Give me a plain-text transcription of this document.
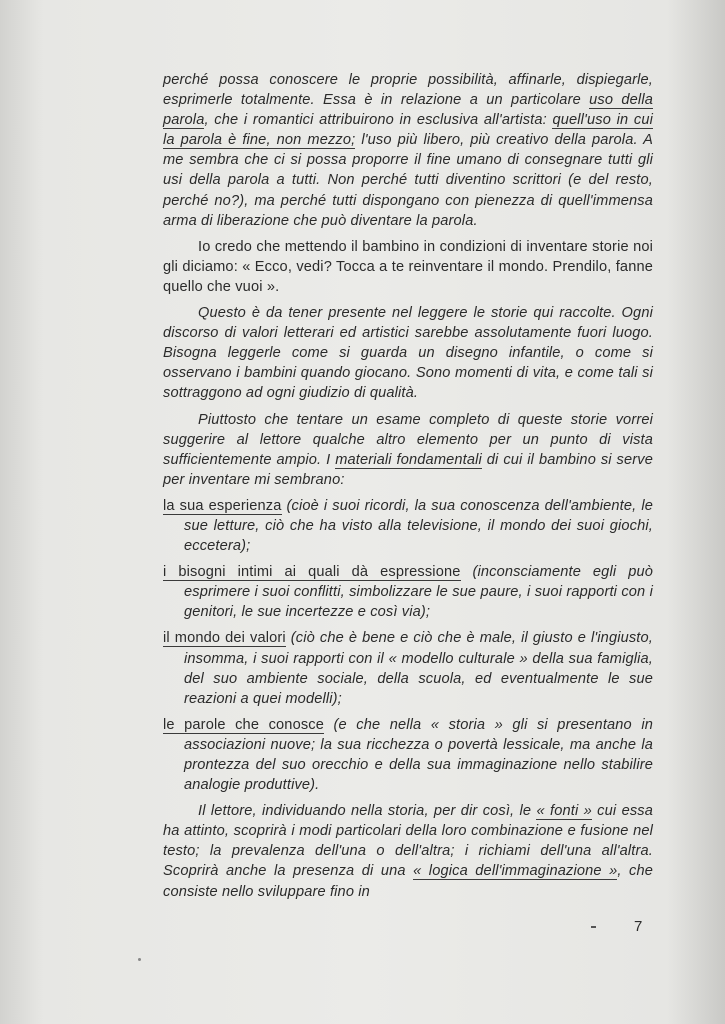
perché possa conoscere le proprie possibilità, affinarle, dispiegarle, esprimerle totalmente. Essa è in relazione a un particolare uso della parola, che i romantici attribuirono in esclusiva all'artista: quell'uso in cui la parola è fine, non mezzo; l'uso più libero, più creativo della parola. A me sembra che ci si possa proporre il fine umano di consegnare tutti gli usi della parola a tutti. Non perché tutti diventino scrittori (e del resto, perché no?), ma perché tutti dispongano con pienezza di quell'immensa arma di liberazione che può diventare la parola.

Io credo che mettendo il bambino in condizioni di inventare storie noi gli diciamo: « Ecco, vedi? Tocca a te reinventare il mondo. Prendilo, fanne quello che vuoi ».

Questo è da tener presente nel leggere le storie qui raccolte. Ogni discorso di valori letterari ed artistici sarebbe assolutamente fuori luogo. Bisogna leggerle come si guarda un disegno infantile, o come si osservano i bambini quando giocano. Sono momenti di vita, e come tali si sottraggono ad ogni giudizio di qualità.

Piuttosto che tentare un esame completo di queste storie vorrei suggerire al lettore qualche altro elemento per un punto di vista sufficientemente ampio. I materiali fondamentali di cui il bambino si serve per inventare mi sembrano:

la sua esperienza (cioè i suoi ricordi, la sua conoscenza dell'ambiente, le sue letture, ciò che ha visto alla televisione, il mondo dei suoi giochi, eccetera);

i bisogni intimi ai quali dà espressione (inconsciamente egli può esprimere i suoi conflitti, simbolizzare le sue paure, i suoi rapporti con i genitori, le sue incertezze e così via);

il mondo dei valori (ciò che è bene e ciò che è male, il giusto e l'ingiusto, insomma, i suoi rapporti con il « modello culturale » della sua famiglia, del suo ambiente sociale, della scuola, ed eventualmente le sue reazioni a quei modelli);

le parole che conosce (e che nella « storia » gli si presentano in associazioni nuove; la sua ricchezza o povertà lessicale, ma anche la prontezza del suo orecchio e della sua immaginazione nello stabilire analogie produttive).

Il lettore, individuando nella storia, per dir così, le « fonti » cui essa ha attinto, scoprirà i modi particolari della loro combinazione e fusione nel testo; la prevalenza dell'una o dell'altra; i richiami dell'una all'altra. Scoprirà anche la presenza di una « logica dell'immaginazione », che consiste nello sviluppare fino in

7
